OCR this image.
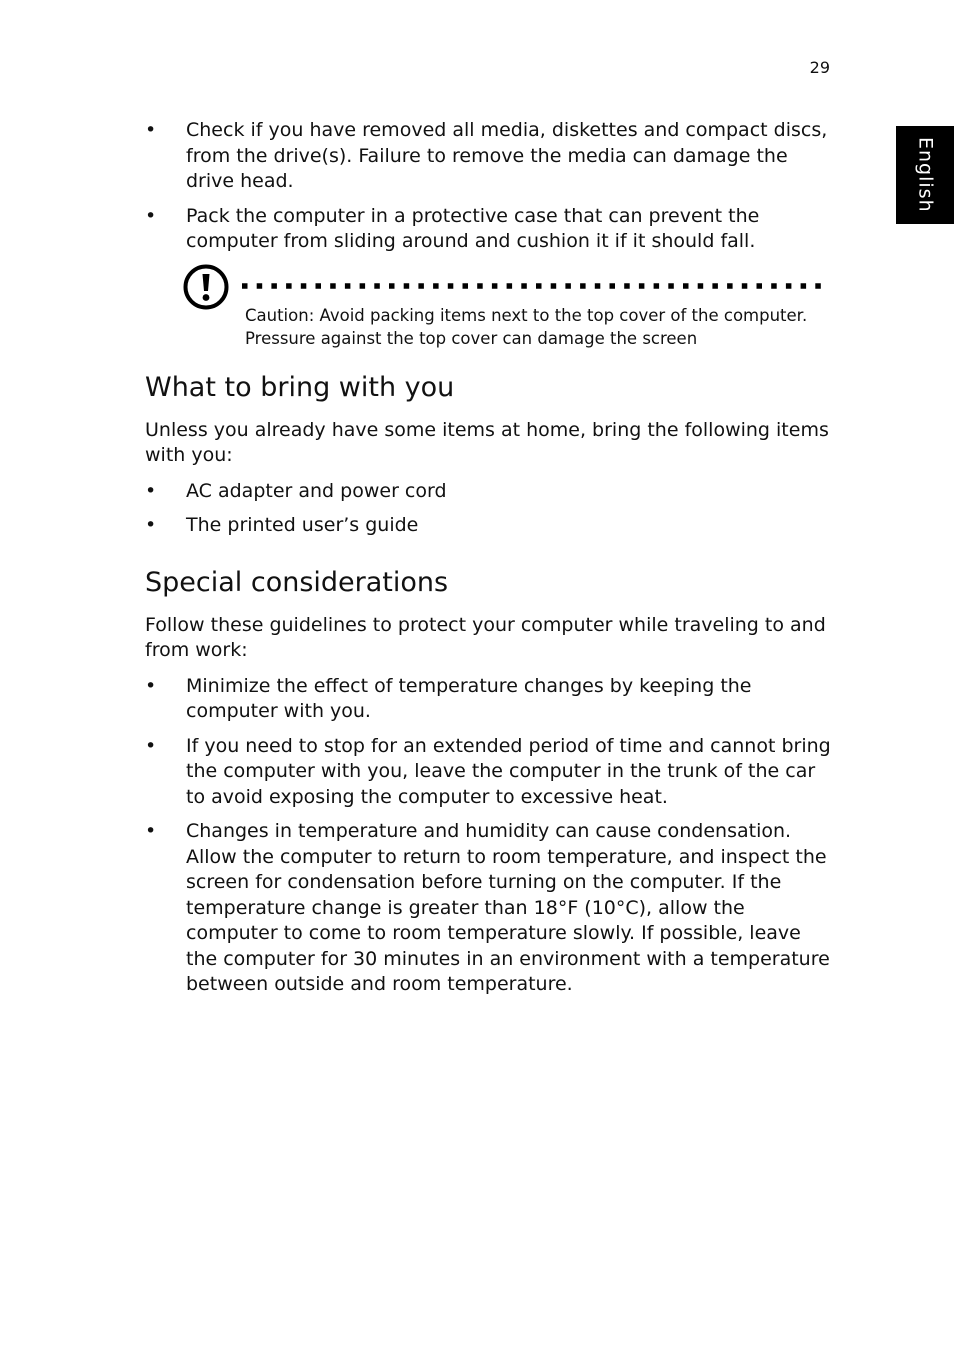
29
English
• Check if you have removed all media, diskettes and compact discs, from the drive(s). Failure to remove the media can damage the drive head.
• Pack the computer in a protective case that can prevent the computer from sliding around and cushion it if it should fall.
Caution: Avoid packing items next to the top cover of the computer. Pressure against the top cover can damage the screen
What to bring with you

Unless you already have some items at home, bring the following items with you:

• AC adapter and power cord
• The printed user’s guide
Special considerations

Follow these guidelines to protect your computer while traveling to and from work:

• Minimize the effect of temperature changes by keeping the computer with you.
• If you need to stop for an extended period of time and cannot bring the computer with you, leave the computer in the trunk of the car to avoid exposing the computer to excessive heat.
• Changes in temperature and humidity can cause condensation. Allow the computer to return to room temperature, and inspect the screen for condensation before turning on the computer. If the temperature change is greater than 18°F (10°C), allow the computer to come to room temperature slowly. If possible, leave the computer for 30 minutes in an environment with a temperature between outside and room temperature.
